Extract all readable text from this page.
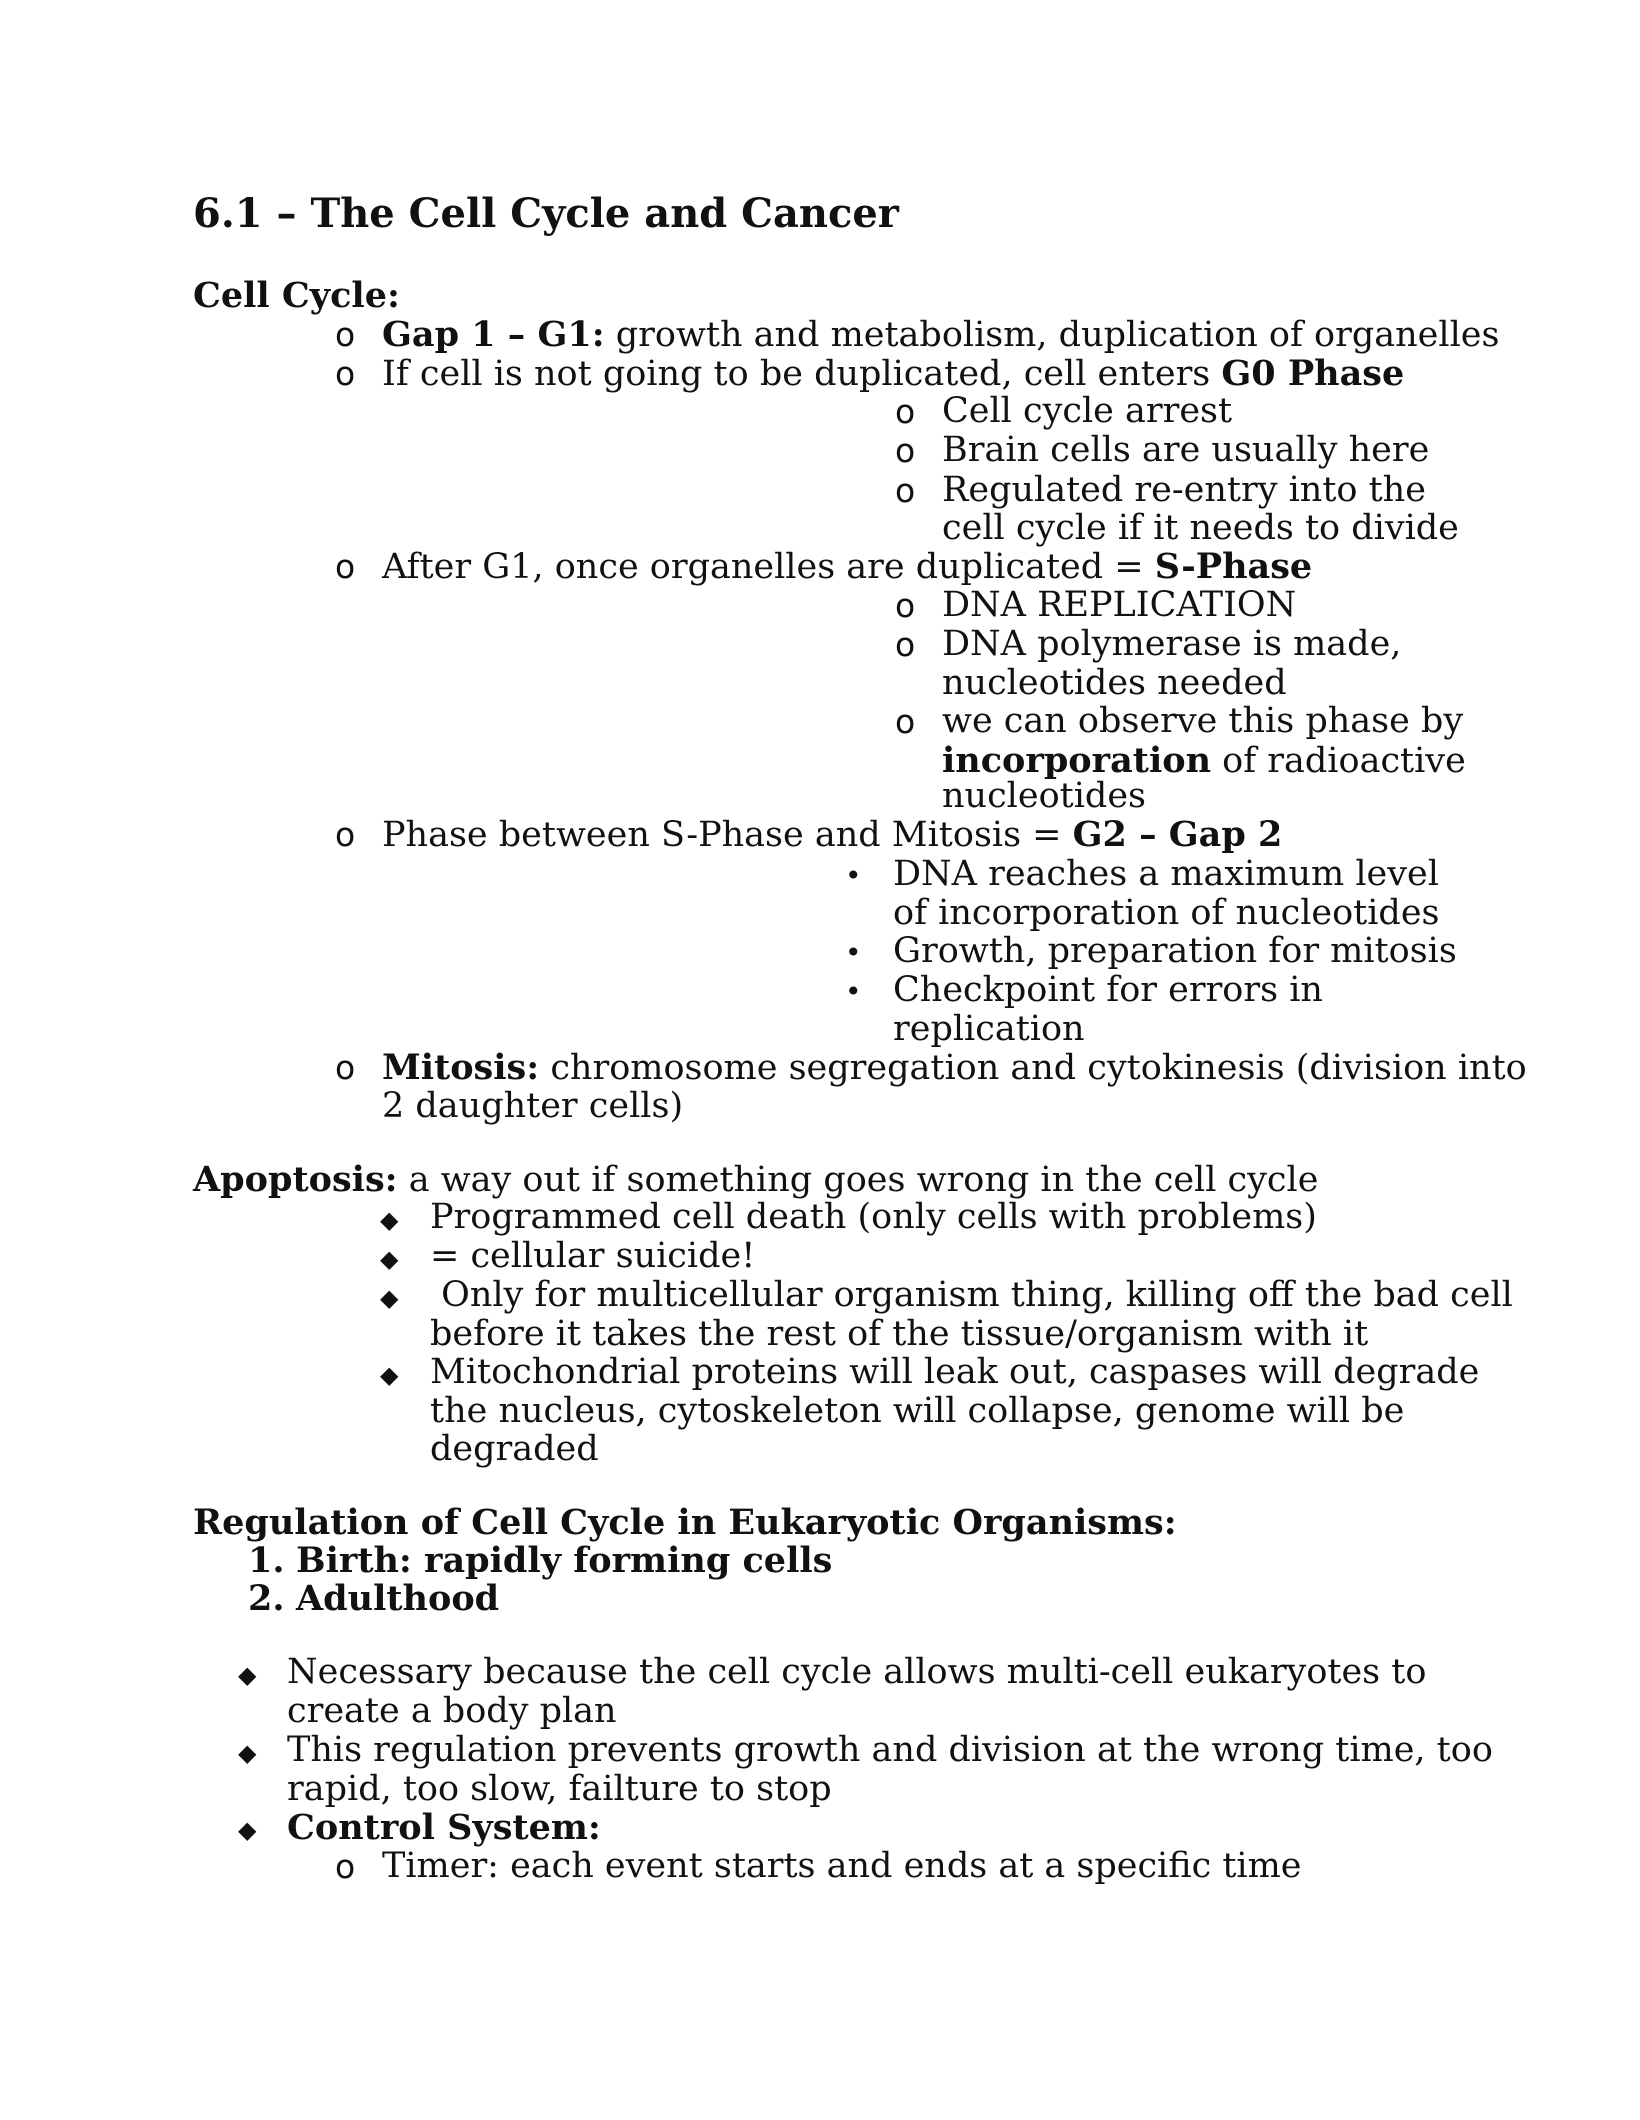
6.1 – The Cell Cycle and Cancer
Cell Cycle:
o Gap 1 – G1: growth and metabolism, duplication of organelles
o If cell is not going to be duplicated, cell enters G0 Phase
o Cell cycle arrest
o Brain cells are usually here
o Regulated re-entry into the
cell cycle if it needs to divide
o After G1, once organelles are duplicated = S-Phase
o DNA REPLICATION
o DNA polymerase is made,
nucleotides needed
o we can observe this phase by
incorporation of radioactive
nucleotides
o Phase between S-Phase and Mitosis = G2 – Gap 2
• DNA reaches a maximum level
of incorporation of nucleotides
• Growth, preparation for mitosis
• Checkpoint for errors in
replication
o Mitosis: chromosome segregation and cytokinesis (division into
2 daughter cells)
Apoptosis: a way out if something goes wrong in the cell cycle
◆ Programmed cell death (only cells with problems)
◆ = cellular suicide!
◆ Only for multicellular organism thing, killing off the bad cell
before it takes the rest of the tissue/organism with it
◆ Mitochondrial proteins will leak out, caspases will degrade
the nucleus, cytoskeleton will collapse, genome will be
degraded
Regulation of Cell Cycle in Eukaryotic Organisms:
1. Birth: rapidly forming cells
2. Adulthood
◆ Necessary because the cell cycle allows multi-cell eukaryotes to
create a body plan
◆ This regulation prevents growth and division at the wrong time, too
rapid, too slow, failture to stop
◆ Control System:
o Timer: each event starts and ends at a specific time
